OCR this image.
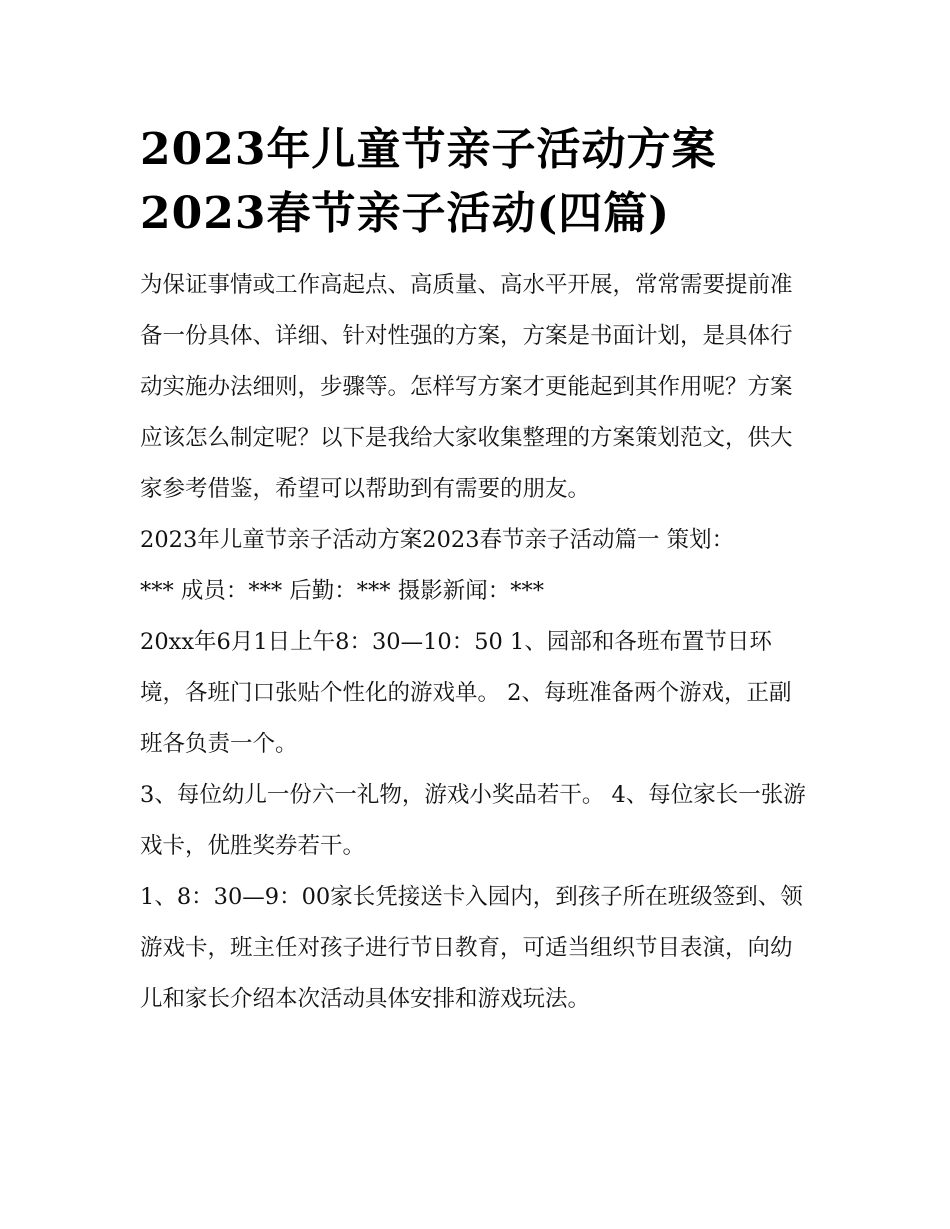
2023年儿童节亲子活动方案
2023春节亲子活动(四篇)

为保证事情或工作高起点、高质量、高水平开展，常常需要提前准备一份具体、详细、针对性强的方案，方案是书面计划，是具体行动实施办法细则，步骤等。怎样写方案才更能起到其作用呢？方案应该怎么制定呢？以下是我给大家收集整理的方案策划范文，供大家参考借鉴，希望可以帮助到有需要的朋友。

2023年儿童节亲子活动方案2023春节亲子活动篇一 策划：

*** 成员：*** 后勤：*** 摄影新闻：***

20xx年6月1日上午8：30—10：50 1、园部和各班布置节日环境，各班门口张贴个性化的游戏单。 2、每班准备两个游戏，正副班各负责一个。

3、每位幼儿一份六一礼物，游戏小奖品若干。 4、每位家长一张游戏卡，优胜奖券若干。

1、8：30—9：00家长凭接送卡入园内，到孩子所在班级签到、领游戏卡，班主任对孩子进行节日教育，可适当组织节目表演，向幼儿和家长介绍本次活动具体安排和游戏玩法。
